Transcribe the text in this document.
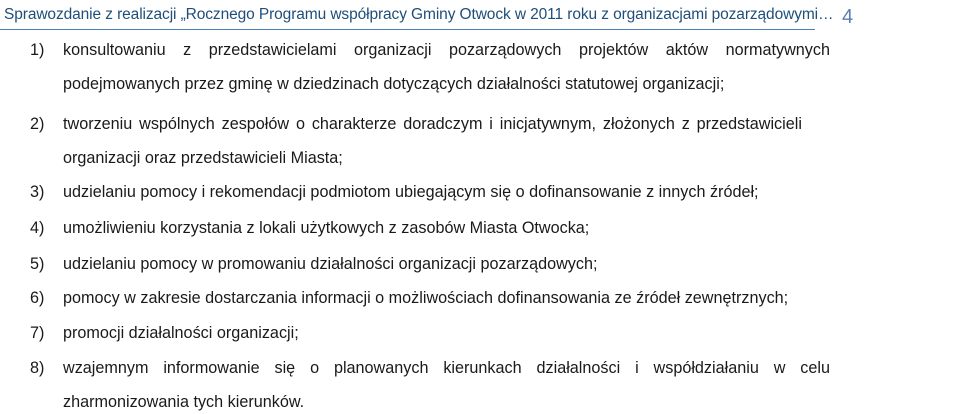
Sprawozdanie z realizacji „Rocznego Programu współpracy Gminy Otwock w 2011 roku z organizacjami pozarządowymi… 4
1) konsultowaniu z przedstawicielami organizacji pozarządowych projektów aktów normatywnych
podejmowanych przez gminę w dziedzinach dotyczących działalności statutowej organizacji;
2) tworzeniu wspólnych zespołów o charakterze doradczym i inicjatywnym, złożonych z przedstawicieli
organizacji oraz przedstawicieli Miasta;
3) udzielaniu pomocy i rekomendacji podmiotom ubiegającym się o dofinansowanie z innych źródeł;
4) umożliwieniu korzystania z lokali użytkowych z zasobów Miasta Otwocka;
5) udzielaniu pomocy w promowaniu działalności organizacji pozarządowych;
6) pomocy w zakresie dostarczania informacji o możliwościach dofinansowania ze źródeł zewnętrznych;
7) promocji działalności organizacji;
8) wzajemnym informowanie się o planowanych kierunkach działalności i współdziałaniu w celu
zharmonizowania tych kierunków.
